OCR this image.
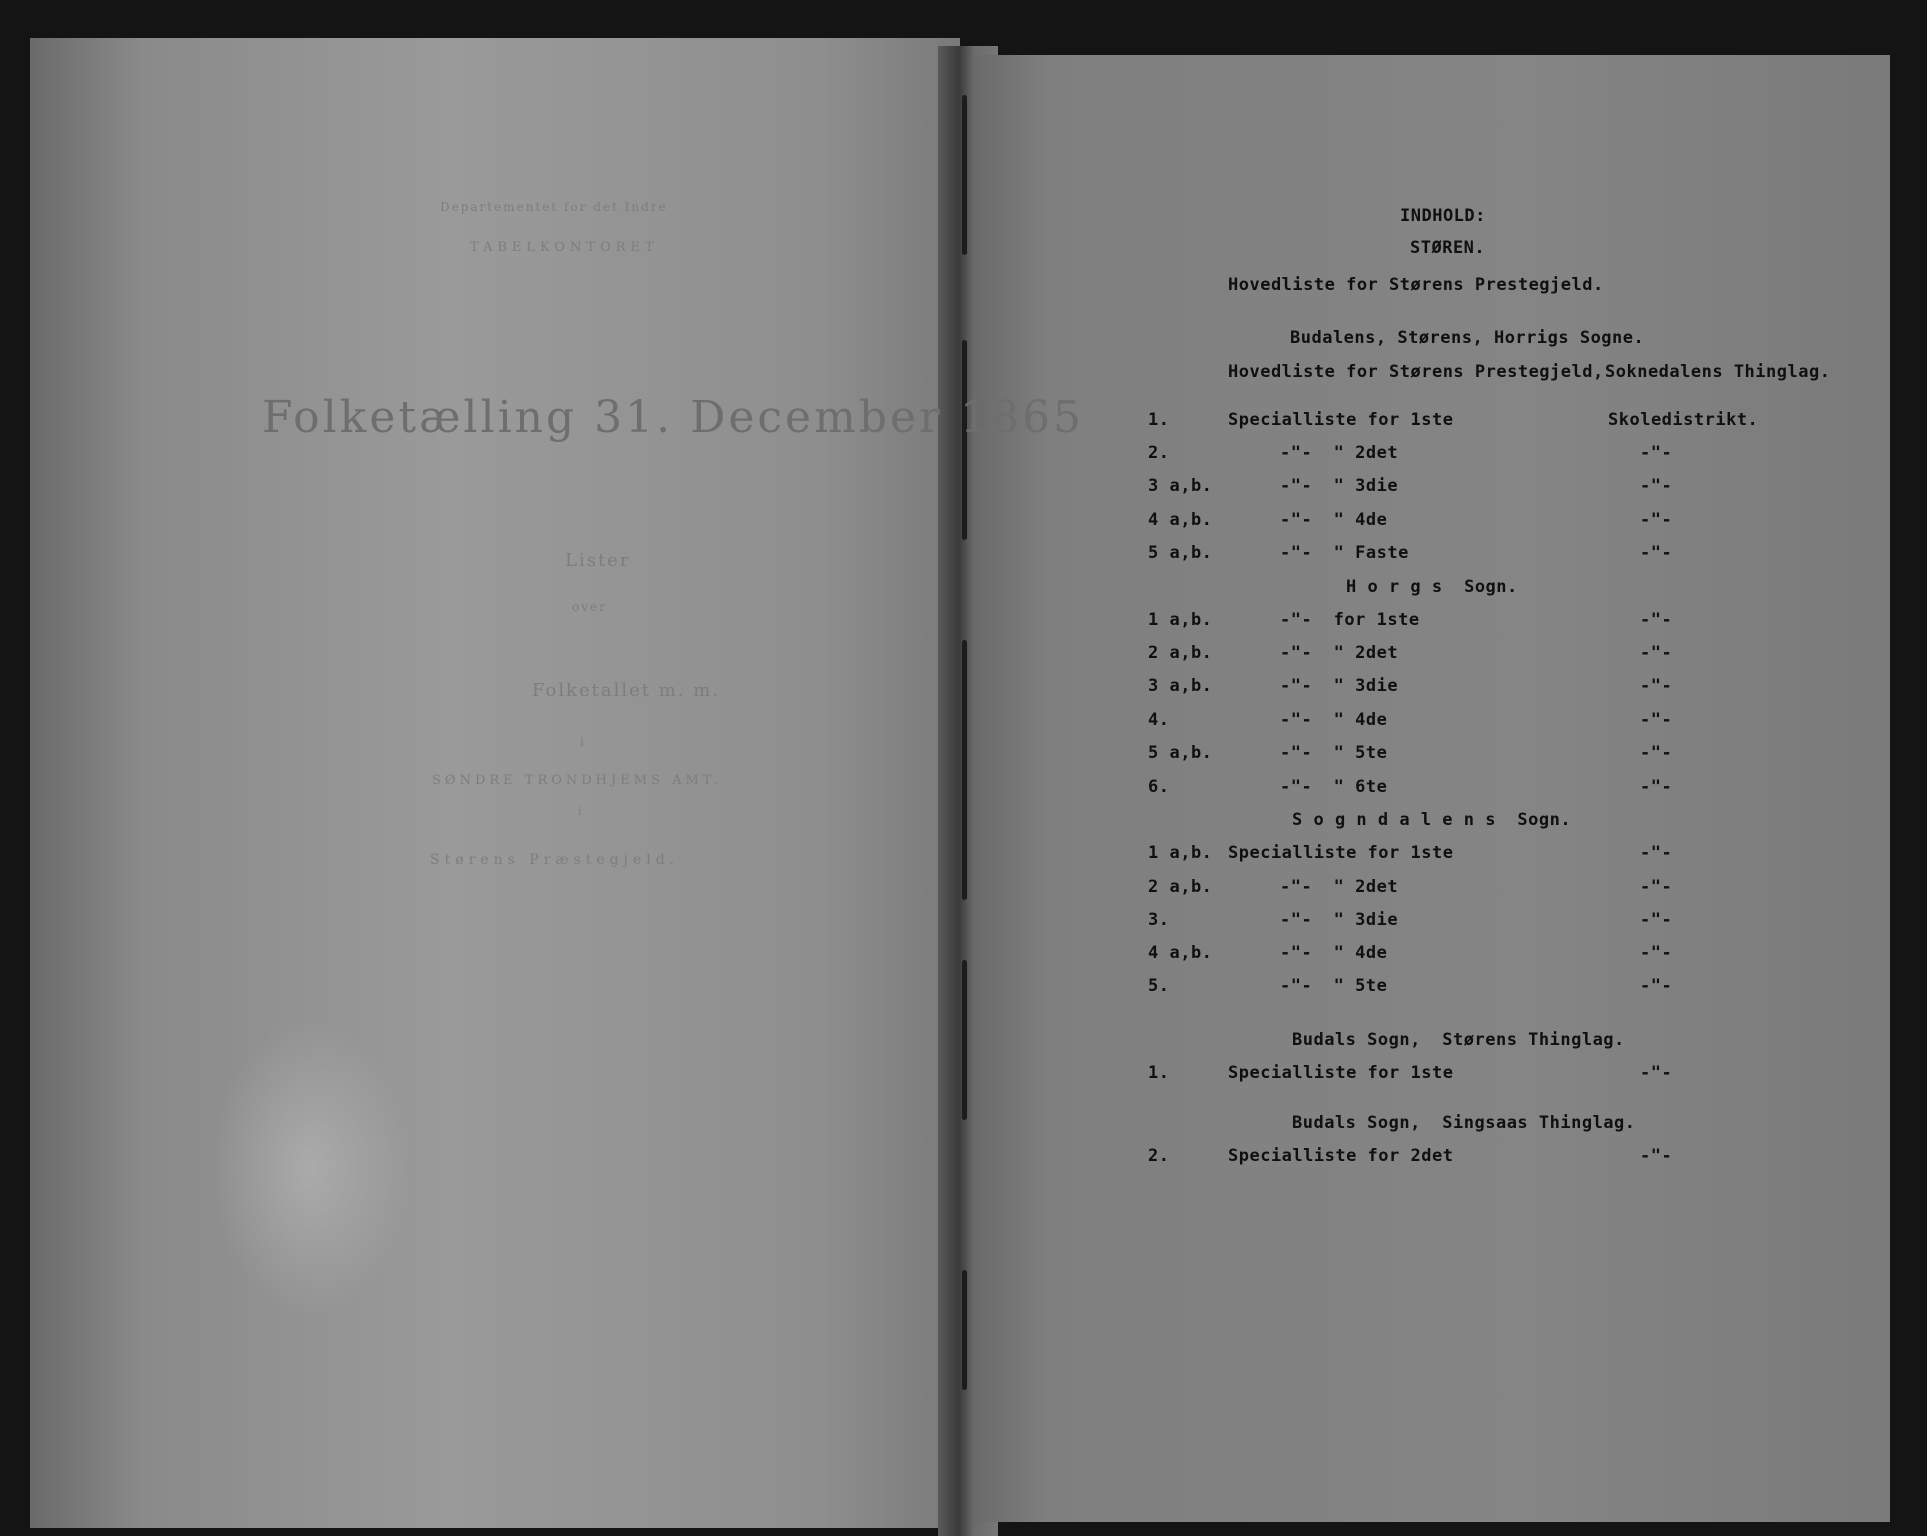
Departementet for det Indre
TABELKONTORET
Folketælling 31. December 1865
Lister
over
Folketallet m. m.
i
SØNDRE TRONDHJEMS AMT.
i
Størens Præstegjeld.
INDHOLD:
STØREN.
Hovedliste for Størens Prestegjeld.
Budalens, Størens, Horrigs Sogne.
Hovedliste for Størens Prestegjeld, Soknedalens Thinglag.
1.	Specialliste for 1ste	Skoledistrikt.
2.	-"-  " 2det	-"-
3 a,b.	-"-  " 3die	-"-
4 a,b.	-"-  " 4de	-"-
5 a,b.	-"-  " Faste	-"-
H o r g s  Sogn.
1 a,b.	-"-  for 1ste	-"-
2 a,b.	-"-  " 2det	-"-
3 a,b.	-"-  " 3die	-"-
4.	-"-  " 4de	-"-
5 a,b.	-"-  " 5te	-"-
6.	-"-  " 6te	-"-
S o g n d a l e n s  Sogn.
1 a,b. Specialliste for 1ste	-"-
2 a,b.	-"-  " 2det	-"-
3.	-"-  " 3die	-"-
4 a,b.	-"-  " 4de	-"-
5.	-"-  " 5te	-"-
Budals Sogn,  Størens Thinglag.
1.	Specialliste for 1ste	-"-
Budals Sogn,  Singsaas Thinglag.
2.	Specialliste for 2det	-"-
